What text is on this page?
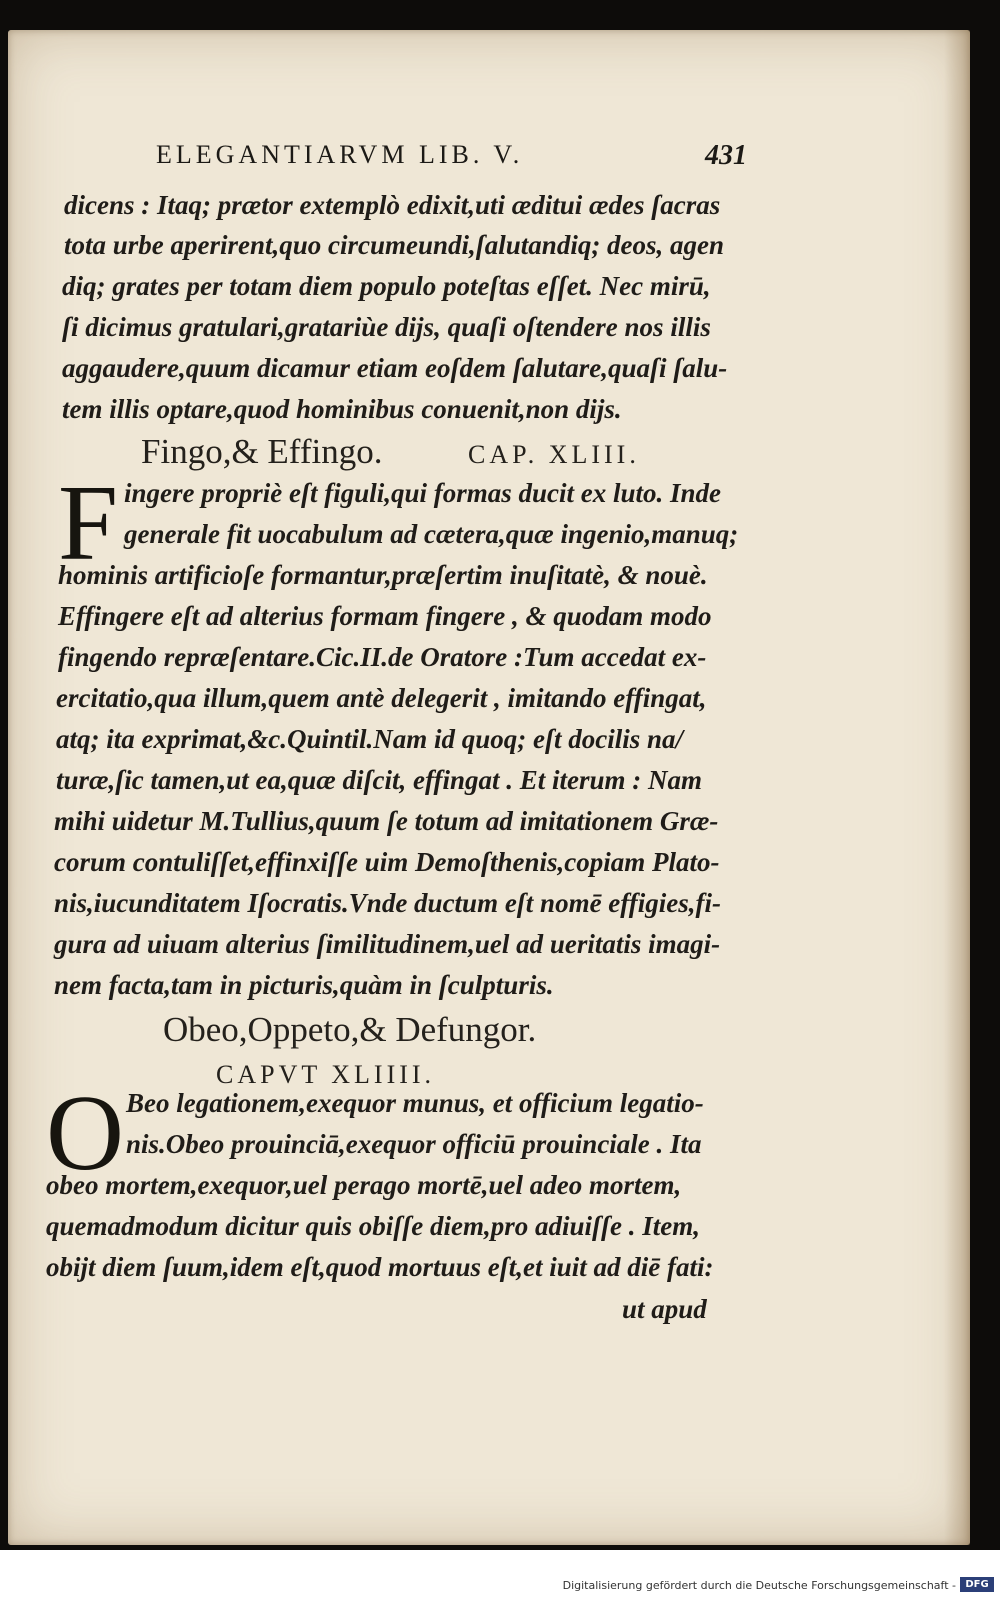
ELEGANTIARVM LIB. V.	431
dicens : Itaq; prætor extemplò edixit,uti æditui ædes ſacras
tota urbe aperirent,quo circumeundi,ſalutandiq; deos, agen
diq; grates per totam diem populo poteſtas eſſet. Nec mirū,
ſi dicimus gratulari,gratariùe dijs, quaſi oſtendere nos illis
aggaudere,quum dicamur etiam eoſdem ſalutare,quaſi ſalu-
tem illis optare,quod hominibus conuenit,non dijs.
Fingo,& Effingo.	CAP. XLIII.
F ingere propriè eſt figuli,qui formas ducit ex luto. Inde
generale fit uocabulum ad cætera,quæ ingenio,manuq;
hominis artificioſe formantur,præſertim inuſitatè, & nouè.
Effingere eſt ad alterius formam fingere , & quodam modo
fingendo repræſentare.Cic.II.de Oratore :Tum accedat ex-
ercitatio,qua illum,quem antè delegerit , imitando effingat,
atq; ita exprimat,&c.Quintil.Nam id quoq; eſt docilis na/
turæ,ſic tamen,ut ea,quæ diſcit, effingat . Et iterum : Nam
mihi uidetur M.Tullius,quum ſe totum ad imitationem Græ-
corum contuliſſet,effinxiſſe uim Demoſthenis,copiam Plato-
nis,iucunditatem Iſocratis.Vnde ductum eſt nomē effigies,fi-
gura ad uiuam alterius ſimilitudinem,uel ad ueritatis imagi-
nem facta,tam in picturis,quàm in ſculpturis.
Obeo,Oppeto,& Defungor.
CAPVT XLIIII.
O Beo legationem,exequor munus, et officium legatio-
nis.Obeo prouinciā,exequor officiū prouinciale . Ita
obeo mortem,exequor,uel perago mortē,uel adeo mortem,
quemadmodum dicitur quis obiſſe diem,pro adiuiſſe . Item,
obijt diem ſuum,idem eſt,quod mortuus eſt,et iuit ad diē fati:
ut apud
Digitalisierung gefördert durch die Deutsche Forschungsgemeinschaft - DFG
